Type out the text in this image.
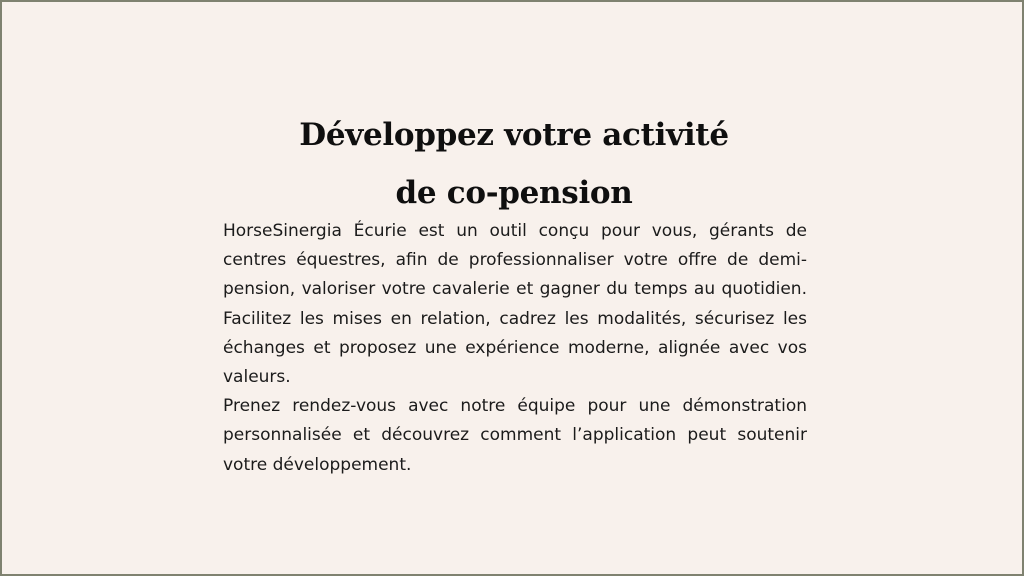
Développez votre activité
de co-pension

HorseSinergia Écurie est un outil conçu pour vous, gérants de centres équestres, afin de professionnaliser votre offre de demi-pension, valoriser votre cavalerie et gagner du temps au quotidien. Facilitez les mises en relation, cadrez les modalités, sécurisez les échanges et proposez une expérience moderne, alignée avec vos valeurs.

Prenez rendez-vous avec notre équipe pour une démonstration personnalisée et découvrez comment l’application peut soutenir votre développement.
